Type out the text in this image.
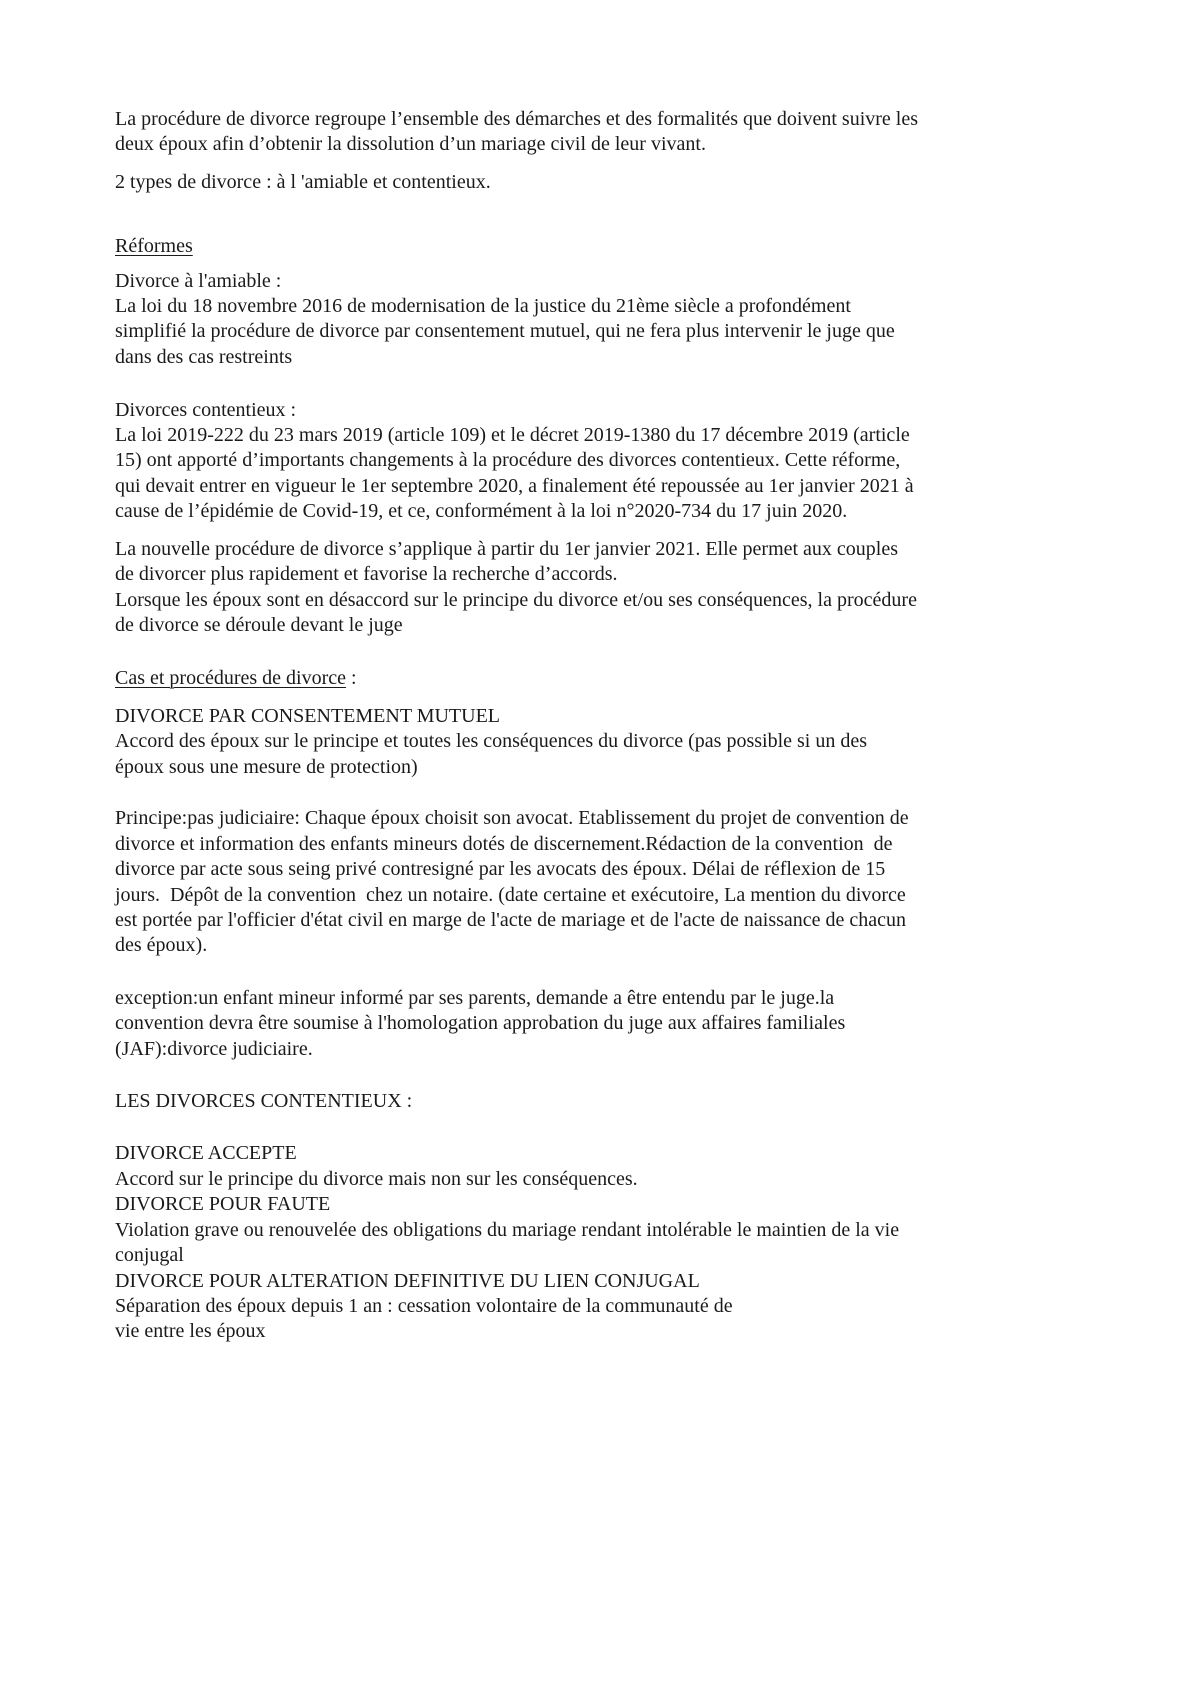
La procédure de divorce regroupe l’ensemble des démarches et des formalités que doivent suivre les
deux époux afin d’obtenir la dissolution d’un mariage civil de leur vivant.
2 types de divorce : à l 'amiable et contentieux.
Réformes
Divorce à l'amiable :
La loi du 18 novembre 2016 de modernisation de la justice du 21ème siècle a profondément
simplifié la procédure de divorce par consentement mutuel, qui ne fera plus intervenir le juge que
dans des cas restreints
Divorces contentieux :
La loi 2019-222 du 23 mars 2019 (article 109) et le décret 2019-1380 du 17 décembre 2019 (article
15) ont apporté d’importants changements à la procédure des divorces contentieux. Cette réforme,
qui devait entrer en vigueur le 1er septembre 2020, a finalement été repoussée au 1er janvier 2021 à
cause de l’épidémie de Covid-19, et ce, conformément à la loi n°2020-734 du 17 juin 2020.
La nouvelle procédure de divorce s’applique à partir du 1er janvier 2021. Elle permet aux couples
de divorcer plus rapidement et favorise la recherche d’accords.
Lorsque les époux sont en désaccord sur le principe du divorce et/ou ses conséquences, la procédure
de divorce se déroule devant le juge
Cas et procédures de divorce :
DIVORCE PAR CONSENTEMENT MUTUEL
Accord des époux sur le principe et toutes les conséquences du divorce (pas possible si un des
époux sous une mesure de protection)
Principe:pas judiciaire: Chaque époux choisit son avocat. Etablissement du projet de convention de
divorce et information des enfants mineurs dotés de discernement.Rédaction de la convention  de
divorce par acte sous seing privé contresigné par les avocats des époux. Délai de réflexion de 15
jours.  Dépôt de la convention  chez un notaire. (date certaine et exécutoire, La mention du divorce
est portée par l'officier d'état civil en marge de l'acte de mariage et de l'acte de naissance de chacun
des époux).
exception:un enfant mineur informé par ses parents, demande a être entendu par le juge.la
convention devra être soumise à l'homologation approbation du juge aux affaires familiales
(JAF):divorce judiciaire.
LES DIVORCES CONTENTIEUX :
DIVORCE ACCEPTE
Accord sur le principe du divorce mais non sur les conséquences.
DIVORCE POUR FAUTE
Violation grave ou renouvelée des obligations du mariage rendant intolérable le maintien de la vie
conjugal
DIVORCE POUR ALTERATION DEFINITIVE DU LIEN CONJUGAL
Séparation des époux depuis 1 an : cessation volontaire de la communauté de
vie entre les époux
